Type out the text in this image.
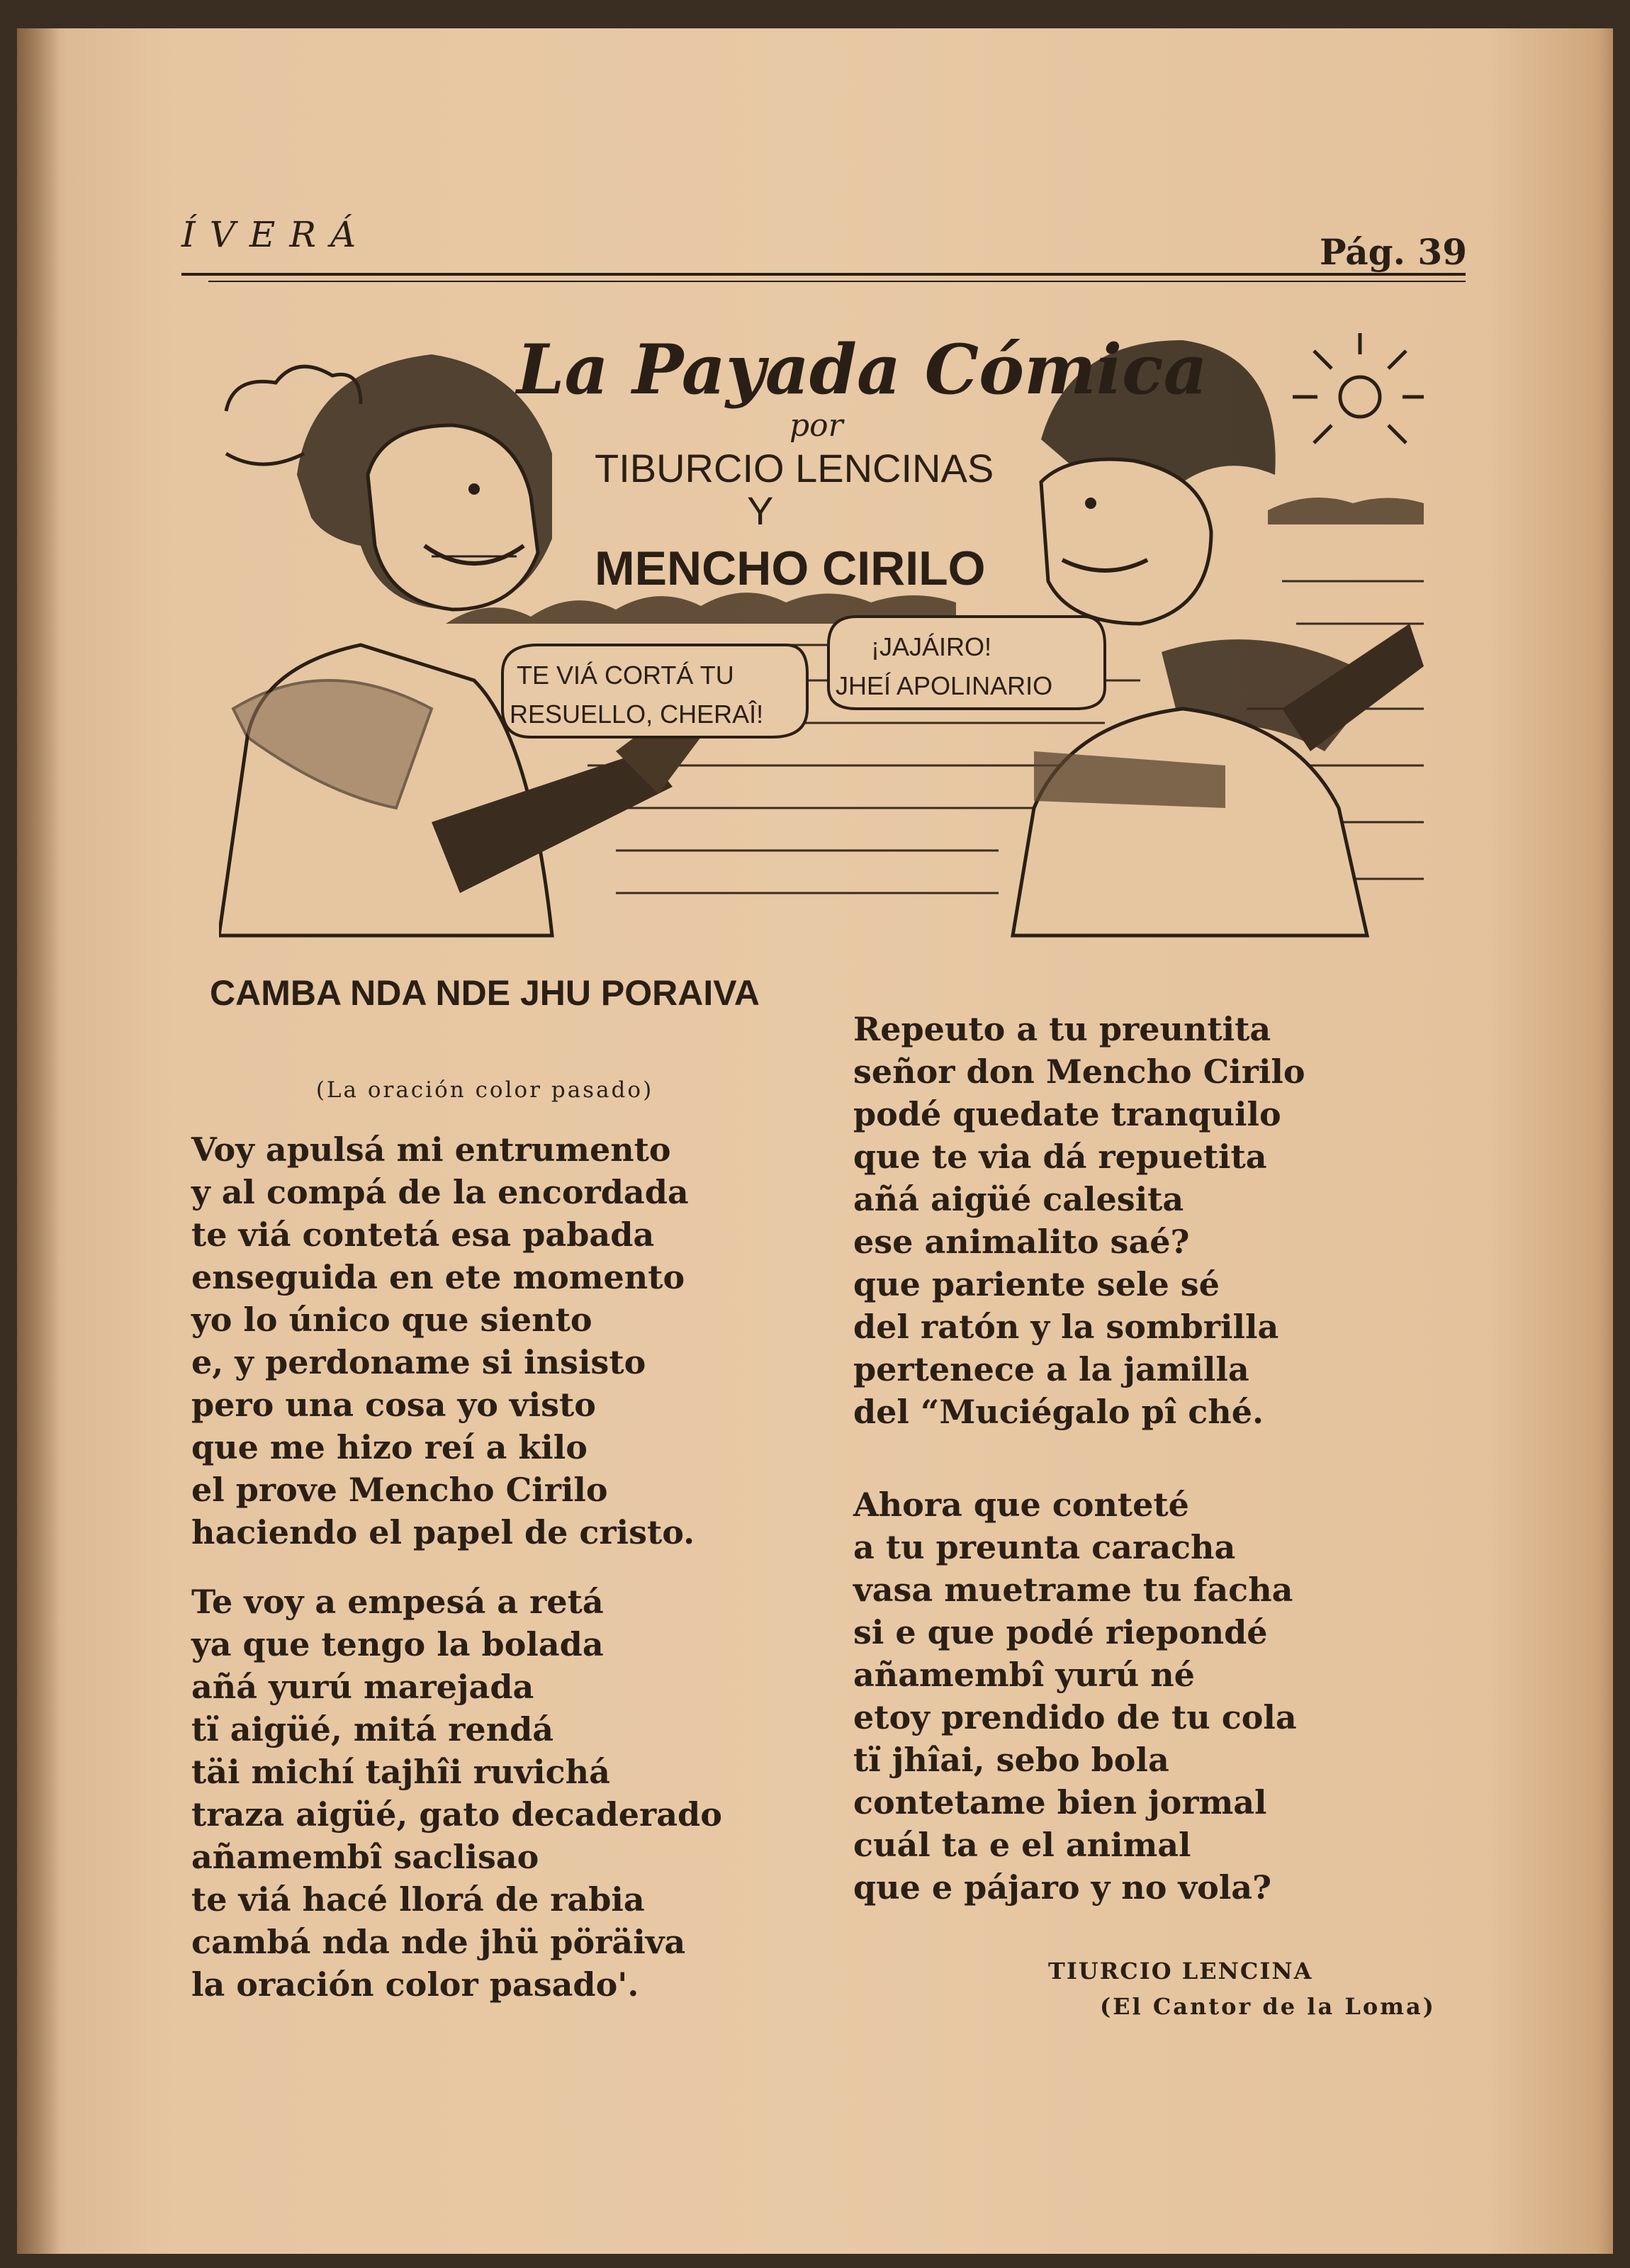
ÍVERÁ	Pág. 39
La Payada Cómica
por
TIBURCIO LENCINAS
Y
MENCHO CIRILO
TE VIÁ CORTÁ TU
RESUELLO, CHERAÎ!
¡JAJÁIRO!
JHEÍ APOLINARIO
CAMBA NDA NDE JHU PORAIVA
(La oración color pasado)
Voy apulsá mi entrumento
y al compá de la encordada
te viá contetá esa pabada
enseguida en ete momento
yo lo único que siento
e, y perdoname si insisto
pero una cosa yo visto
que me hizo reí a kilo
el prove Mencho Cirilo
haciendo el papel de cristo.
Te voy a empesá a retá
ya que tengo la bolada
añá yurú marejada
tï aigüé, mitá rendá
täi michí tajhîi ruvichá
traza aigüé, gato decaderado
añamembî saclisao
te viá hacé llorá de rabia
cambá nda nde jhü pöräiva
la oración color pasado'.
Repeuto a tu preuntita
señor don Mencho Cirilo
podé quedate tranquilo
que te via dá repuetita
añá aigüé calesita
ese animalito saé?
que pariente sele sé
del ratón y la sombrilla
pertenece a la jamilla
del “Muciégalo pî ché.
Ahora que conteté
a tu preunta caracha
vasa muetrame tu facha
si e que podé riepondé
añamembî yurú né
etoy prendido de tu cola
tï jhîai, sebo bola
contetame bien jormal
cuál ta e el animal
que e pájaro y no vola?
TIURCIO LENCINA
(El Cantor de la Loma)
